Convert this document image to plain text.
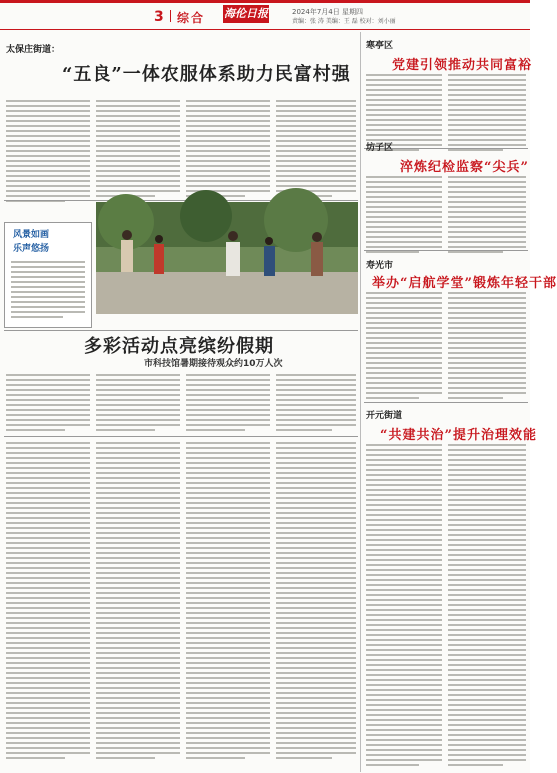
3 综合 海伦日报	2024年7月4日 星期四
责编：张 涛 美编：王 磊 校对：刘小丽
太保庄街道：
“五良”一体农服体系助力民富村强
风景如画
乐声悠扬
多彩活动点亮缤纷假期
市科技馆暑期接待观众约10万人次
寒亭区
党建引领推动共同富裕
坊子区
淬炼纪检监察“尖兵”
寿光市
举办“启航学堂”锻炼年轻干部
开元街道
“共建共治”提升治理效能
